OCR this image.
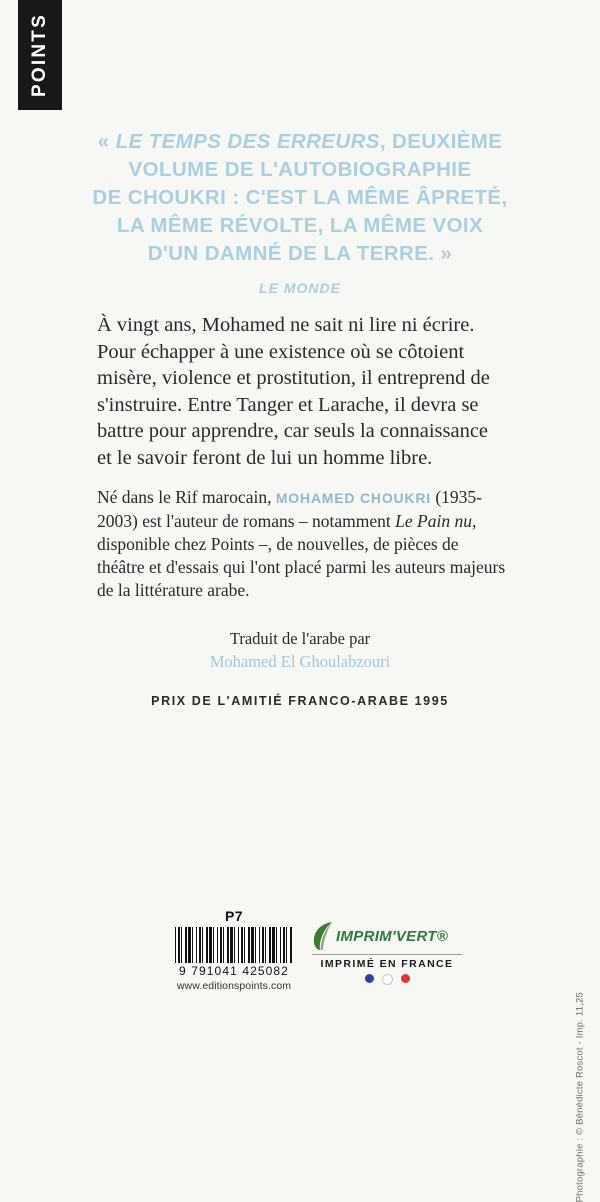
POINTS

« LE TEMPS DES ERREURS, DEUXIÈME
VOLUME DE L'AUTOBIOGRAPHIE
DE CHOUKRI : C'EST LA MÊME ÂPRETÉ,
LA MÊME RÉVOLTE, LA MÊME VOIX
D'UN DAMNÉ DE LA TERRE. »

LE MONDE

À vingt ans, Mohamed ne sait ni lire ni écrire. Pour échapper à une existence où se côtoient misère, violence et prostitution, il entreprend de s'instruire. Entre Tanger et Larache, il devra se battre pour apprendre, car seuls la connaissance et le savoir feront de lui un homme libre.

Né dans le Rif marocain, MOHAMED CHOUKRI (1935-2003) est l'auteur de romans – notamment Le Pain nu, disponible chez Points –, de nouvelles, de pièces de théâtre et d'essais qui l'ont placé parmi les auteurs majeurs de la littérature arabe.

Traduit de l'arabe par
Mohamed El Ghoulabzouri
PRIX DE L'AMITIÉ FRANCO-ARABE 1995
Photographie : © Bénédicte Roscot - Imp. 11,25
P7
9 791041 425082
www.editionspoints.com
IMPRIM'VERT®
IMPRIMÉ EN FRANCE
